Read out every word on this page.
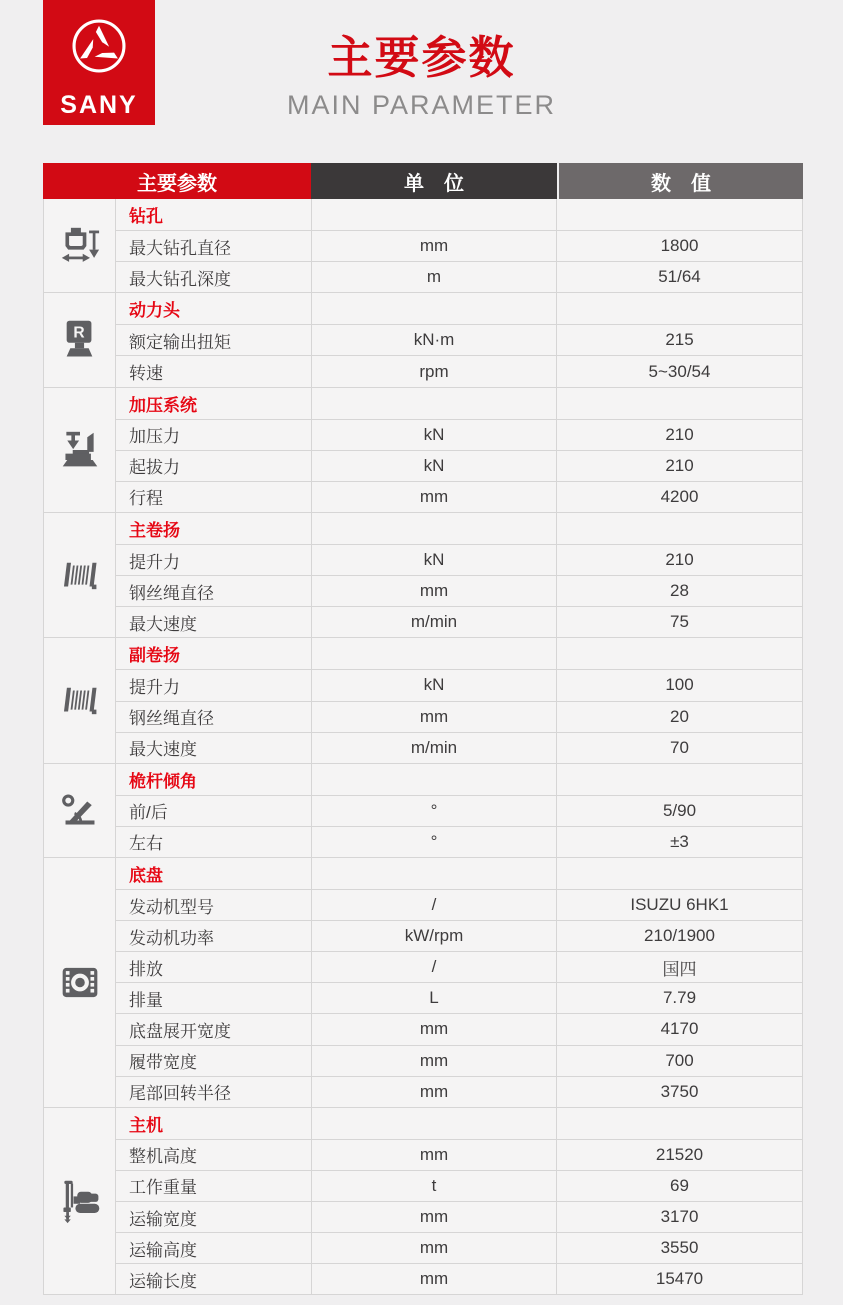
SANY
主要参数
MAIN PARAMETER
主要参数	单　位	数　值
钻孔
最大钻孔直径	mm	1800
最大钻孔深度	m	51/64
R
动力头
额定输出扭矩	kN·m	215
转速	rpm	5~30/54
加压系统
加压力	kN	210
起拔力	kN	210
行程	mm	4200
主卷扬
提升力	kN	210
钢丝绳直径	mm	28
最大速度	m/min	75
副卷扬
提升力	kN	100
钢丝绳直径	mm	20
最大速度	m/min	70
桅杆倾角
前/后	°	5/90
左右	°	±3
底盘
发动机型号	/	ISUZU 6HK1
发动机功率	kW/rpm	210/1900
排放	/	国四
排量	L	7.79
底盘展开宽度	mm	4170
履带宽度	mm	700
尾部回转半径	mm	3750
主机
整机高度	mm	21520
工作重量	t	69
运输宽度	mm	3170
运输高度	mm	3550
运输长度	mm	15470
